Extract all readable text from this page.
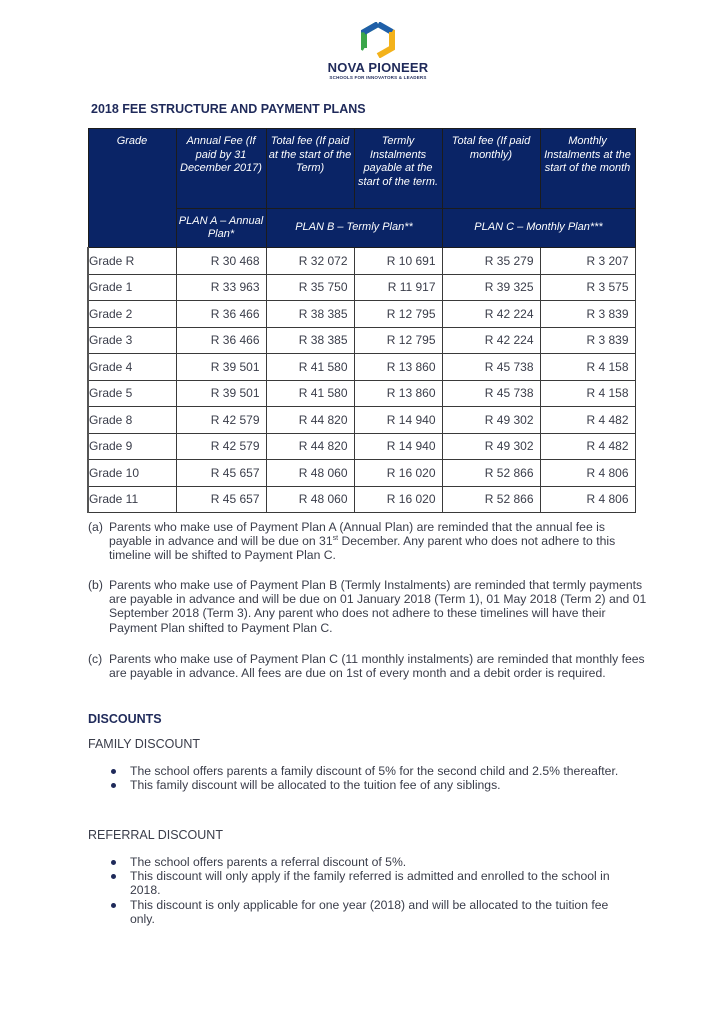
NOVA PIONEER
SCHOOLS FOR INNOVATORS & LEADERS
2018 FEE STRUCTURE AND PAYMENT PLANS
Grade	Annual Fee (If paid by 31 December 2017)	Total fee (If paid at the start of the Term)	Termly Instalments payable at the start of the term.	Total fee (If paid monthly)	Monthly Instalments at the start of the month
	PLAN A – Annual Plan*	PLAN B – Termly Plan**		PLAN C – Monthly Plan***	
Grade R	R 30 468	R 32 072	R 10 691	R 35 279	R 3 207
Grade 1	R 33 963	R 35 750	R 11 917	R 39 325	R 3 575
Grade 2	R 36 466	R 38 385	R 12 795	R 42 224	R 3 839
Grade 3	R 36 466	R 38 385	R 12 795	R 42 224	R 3 839
Grade 4	R 39 501	R 41 580	R 13 860	R 45 738	R 4 158
Grade 5	R 39 501	R 41 580	R 13 860	R 45 738	R 4 158
Grade 8	R 42 579	R 44 820	R 14 940	R 49 302	R 4 482
Grade 9	R 42 579	R 44 820	R 14 940	R 49 302	R 4 482
Grade 10	R 45 657	R 48 060	R 16 020	R 52 866	R 4 806
Grade 11	R 45 657	R 48 060	R 16 020	R 52 866	R 4 806
(a) Parents who make use of Payment Plan A (Annual Plan) are reminded that the annual fee is payable in advance and will be due on 31st December. Any parent who does not adhere to this timeline will be shifted to Payment Plan C.
(b) Parents who make use of Payment Plan B (Termly Instalments) are reminded that termly payments are payable in advance and will be due on 01 January 2018 (Term 1), 01 May 2018 (Term 2) and 01 September 2018 (Term 3). Any parent who does not adhere to these timelines will have their Payment Plan shifted to Payment Plan C.
(c) Parents who make use of Payment Plan C (11 monthly instalments) are reminded that monthly fees are payable in advance. All fees are due on 1st of every month and a debit order is required.
DISCOUNTS
FAMILY DISCOUNT
The school offers parents a family discount of 5% for the second child and 2.5% thereafter.
This family discount will be allocated to the tuition fee of any siblings.
REFERRAL DISCOUNT
The school offers parents a referral discount of 5%.
This discount will only apply if the family referred is admitted and enrolled to the school in 2018.
This discount is only applicable for one year (2018) and will be allocated to the tuition fee only.
